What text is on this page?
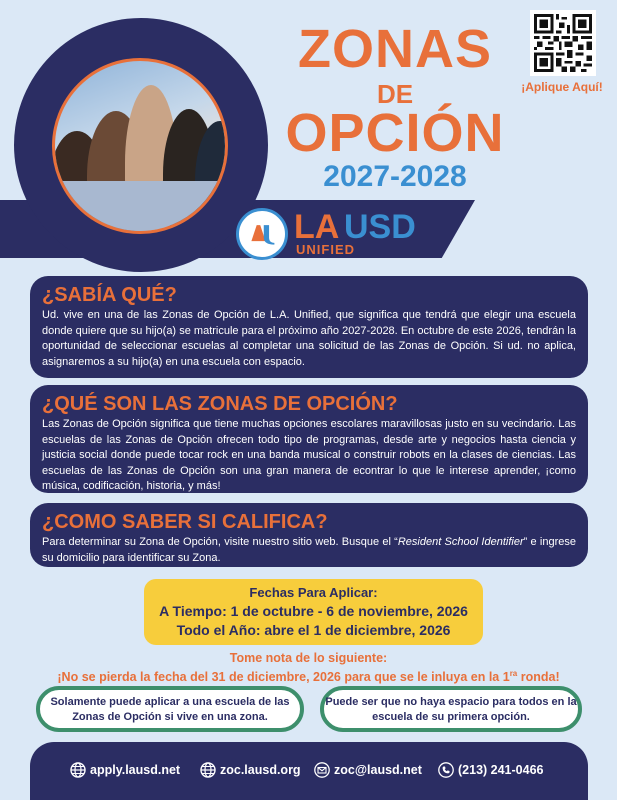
ZONAS
DE
OPCIÓN
2027-2028
¡Aplique Aquí!
LA USD
UNIFIED
¿SABÍA QUÉ?

Ud. vive en una de las Zonas de Opción de L.A. Unified, que significa que tendrá que elegir una escuela donde quiere que su hijo(a) se matricule para el próximo año 2027-2028. En octubre de este 2026, tendrán la oportunidad de seleccionar escuelas al completar una solicitud de las Zonas de Opción. Si ud. no aplica, asignaremos a su hijo(a) en una escuela con espacio.

¿QUÉ SON LAS ZONAS DE OPCIÓN?

Las Zonas de Opción significa que tiene muchas opciones escolares maravillosas justo en su vecindario. Las escuelas de las Zonas de Opción ofrecen todo tipo de programas, desde arte y negocios hasta ciencia y justicia social donde puede tocar rock en una banda musical o construir robots en la clases de ciencias. Las escuelas de las Zonas de Opción son una gran manera de econtrar lo que le interese aprender, ¡como música, codificación, historia, y más!

¿COMO SABER SI CALIFICA?

Para determinar su Zona de Opción, visite nuestro sitio web. Busque el “Resident School Identifier” e ingrese su domicilio para identificar su Zona.

Fechas Para Aplicar:
A Tiempo: 1 de octubre - 6 de noviembre, 2026
Todo el Año: abre el 1 de diciembre, 2026
Tome nota de lo siguiente:
¡No se pierda la fecha del 31 de diciembre, 2026 para que se le inluya en la $1^{ra}$ ronda!
Solamente puede aplicar a una escuela de las Zonas de Opción si vive en una zona.
Puede ser que no haya espacio para todos en la escuela de su primera opción.
apply.lausd.net	zoc.lausd.org	zoc@lausd.net	(213) 241-0466
